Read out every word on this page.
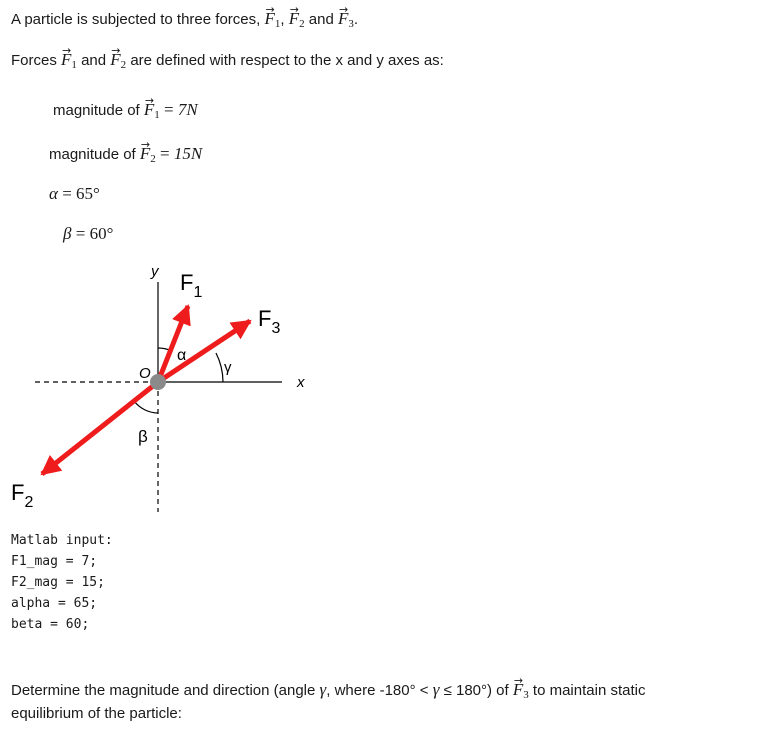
A particle is subjected to three forces, → $F_1$, → $F_2$ and → $F_3$.
Forces → $F_1$ and → $F_2$ are defined with respect to the x and y axes as:
magnitude of → $F_1 = 7N$
magnitude of → $F_2 = 15N$
α = 65°
β = 60°
y
x
O
$F_1$
$F_3$
$F_2$
α
γ
β
Matlab input:
F1_mag = 7;
F2_mag = 15;
alpha = 65;
beta = 60;
Determine the magnitude and direction (angle γ, where -180° < γ ≤ 180°) of → $F_3$ to maintain static
equilibrium of the particle:
